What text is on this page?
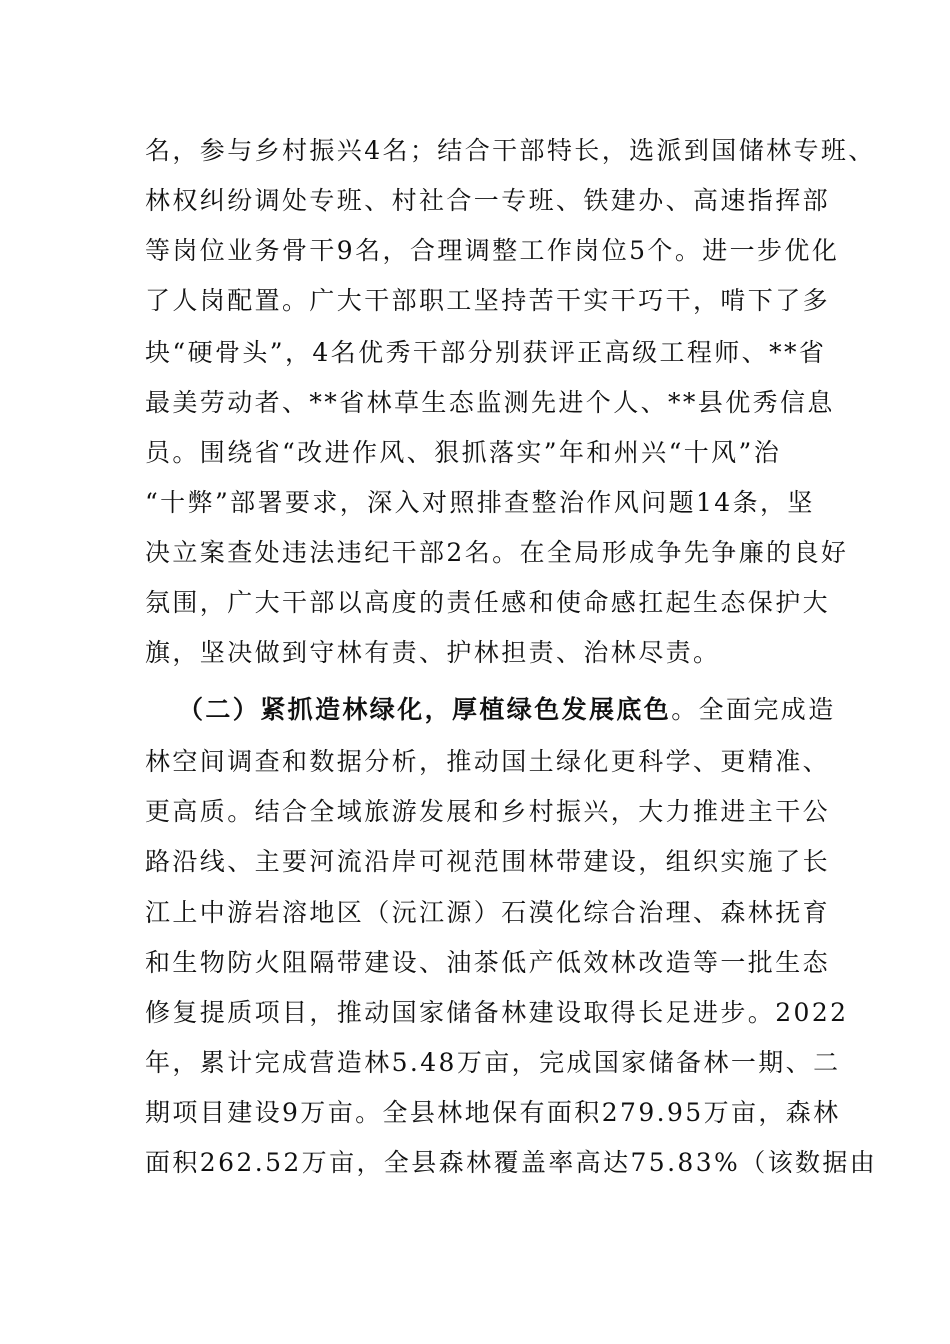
名，参与乡村振兴4名；结合干部特长，选派到国储林专班、
林权纠纷调处专班、村社合一专班、铁建办、高速指挥部
等岗位业务骨干9名，合理调整工作岗位5个。进一步优化
了人岗配置。广大干部职工坚持苦干实干巧干，啃下了多
块“硬骨头”，4名优秀干部分别获评正高级工程师、**省
最美劳动者、**省林草生态监测先进个人、**县优秀信息
员。围绕省“改进作风、狠抓落实”年和州兴“十风”治
“十弊”部署要求，深入对照排查整治作风问题14条，坚
决立案查处违法违纪干部2名。在全局形成争先争廉的良好
氛围，广大干部以高度的责任感和使命感扛起生态保护大
旗，坚决做到守林有责、护林担责、治林尽责。
（二）紧抓造林绿化，厚植绿色发展底色。全面完成造
林空间调查和数据分析，推动国土绿化更科学、更精准、
更高质。结合全域旅游发展和乡村振兴，大力推进主干公
路沿线、主要河流沿岸可视范围林带建设，组织实施了长
江上中游岩溶地区（沅江源）石漠化综合治理、森林抚育
和生物防火阻隔带建设、油茶低产低效林改造等一批生态
修复提质项目，推动国家储备林建设取得长足进步。2022
年，累计完成营造林5.48万亩，完成国家储备林一期、二
期项目建设9万亩。全县林地保有面积279.95万亩，森林
面积262.52万亩，全县森林覆盖率高达75.83%（该数据由
